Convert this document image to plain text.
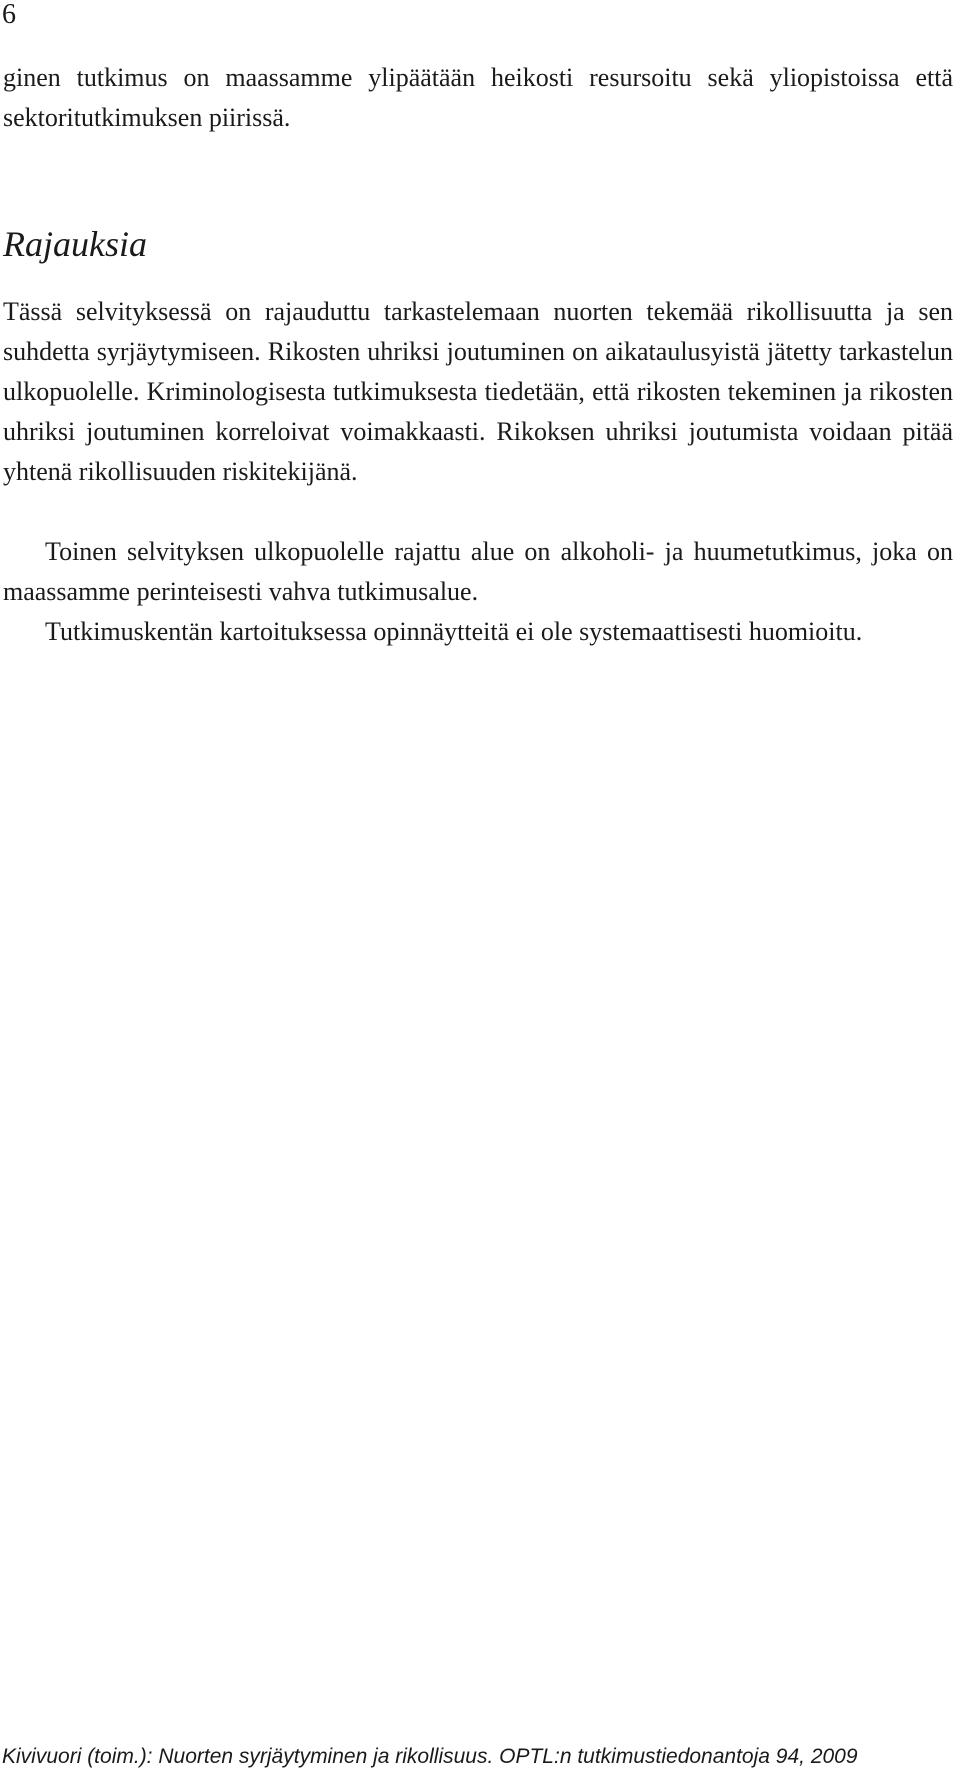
6

ginen tutkimus on maassamme ylipäätään heikosti resursoitu sekä yliopistoissa että sektoritutkimuksen piirissä.

Rajauksia

Tässä selvityksessä on rajauduttu tarkastelemaan nuorten tekemää rikollisuutta ja sen suhdetta syrjäytymiseen. Rikosten uhriksi joutuminen on aikataulusyistä jätetty tarkastelun ulkopuolelle. Kriminologisesta tutkimuksesta tiedetään, että rikosten tekeminen ja rikosten uhriksi joutuminen korreloivat voimakkaasti. Rikoksen uhriksi joutumista voidaan pitää yhtenä rikollisuuden riskitekijänä.

Toinen selvityksen ulkopuolelle rajattu alue on alkoholi- ja huumetutkimus, joka on maassamme perinteisesti vahva tutkimusalue.

Tutkimuskentän kartoituksessa opinnäytteitä ei ole systemaattisesti huomioitu.

Kivivuori (toim.): Nuorten syrjäytyminen ja rikollisuus. OPTL:n tutkimustiedonantoja 94, 2009
